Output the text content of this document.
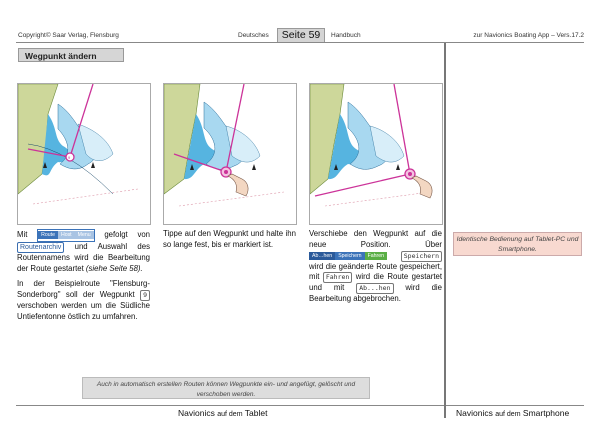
Copyright© Saar Verlag, Flensburg	Deutsches	Seite 59	Handbuch	zur Navionics Boating App – Vers.17.2
Wegpunkt ändern
9

Mit	Route Host Menu gefolgt von Routenarchiv und Auswahl des Routennamens wird die Bearbeitung der Route gestartet (siehe Seite 58).

In der Beispielroute "Flensburg-Sonderborg" soll der Wegpunkt 9 verschoben werden um die Südliche Untiefentonne östlich zu umfahren.

Tippe auf den Wegpunkt und halte ihn so lange fest, bis er markiert ist.

Verschiebe den Wegpunkt auf die neue Position. Über Ab…hen Speichern Fahren	Speichern wird die geänderte Route gespeichert, mit Fahren wird die Route gestartet und mit Ab...hen wird die Bearbeitung abgebrochen.

Identische Bedienung auf Tablet-PC und Smartphone.
Auch in automatisch erstellen Routen können Wegpunkte ein- und angefügt, gelöscht und verschoben werden.
Navionics auf dem Tablet	Navionics auf dem Smartphone
